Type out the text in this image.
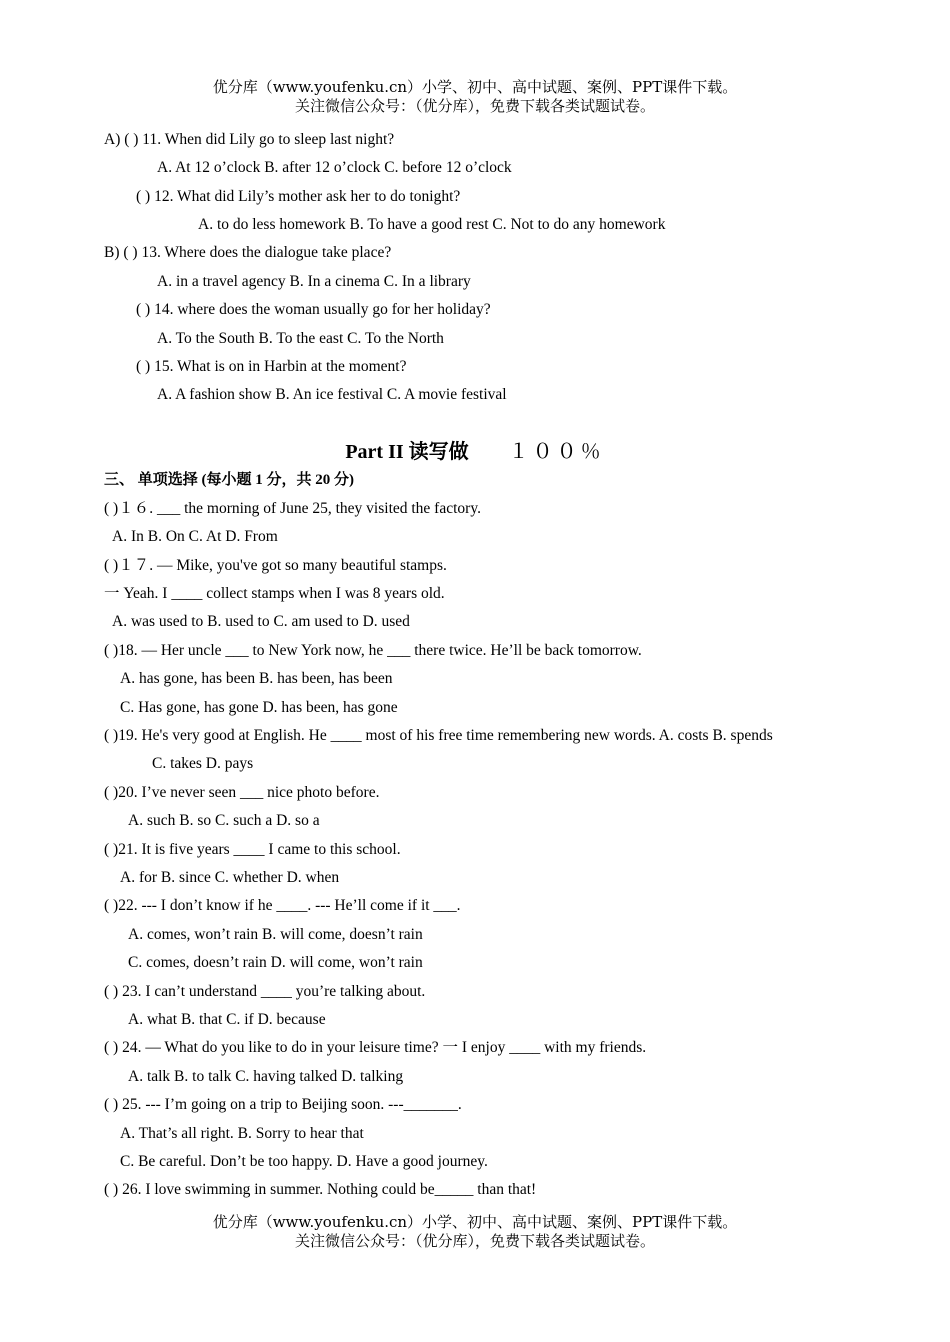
优分库（www.youfenku.cn）小学、初中、高中试题、案例、PPT课件下载。
关注微信公众号：（优分库），免费下载各类试题试卷。
A) ( ) 11. When did Lily go to sleep last night?
A. At 12 o’clock B. after 12 o’clock C. before 12 o’clock
( ) 12. What did Lily’s mother ask her to do tonight?
A. to do less homework B. To have a good rest C. Not to do any homework
B) ( ) 13. Where does the dialogue take place?
A. in a travel agency B. In a cinema C. In a library
( ) 14. where does the woman usually go for her holiday?
A. To the South B. To the east C. To the North
( ) 15. What is on in Harbin at the moment?
A. A fashion show B. An ice festival C. A movie festival
Part II 读写做 １００％
三、 单项选择 (每小题 1 分，共 20 分)
( )１６. ___ the morning of June 25, they visited the factory.
A. In B. On C. At D. From
( )１７. — Mike, you've got so many beautiful stamps.
一 Yeah. I ____ collect stamps when I was 8 years old.
A. was used to B. used to C. am used to D. used
( )18. — Her uncle ___ to New York now, he ___ there twice. He’ll be back tomorrow.
A. has gone, has been B. has been, has been
C. Has gone, has gone D. has been, has gone
( )19. He's very good at English. He ____ most of his free time remembering new words. A. costs B. spends
C. takes D. pays
( )20. I’ve never seen ___ nice photo before.
A. such B. so C. such a D. so a
( )21. It is five years ____ I came to this school.
A. for B. since C. whether D. when
( )22. --- I don’t know if he ____. --- He’ll come if it ___.
A. comes, won’t rain B. will come, doesn’t rain
C. comes, doesn’t rain D. will come, won’t rain
( ) 23. I can’t understand ____ you’re talking about.
A. what B. that C. if D. because
( ) 24. — What do you like to do in your leisure time? 一 I enjoy ____ with my friends.
A. talk B. to talk C. having talked D. talking
( ) 25. --- I’m going on a trip to Beijing soon. ---_______.
A. That’s all right. B. Sorry to hear that
C. Be careful. Don’t be too happy. D. Have a good journey.
( ) 26. I love swimming in summer. Nothing could be_____ than that!
优分库（www.youfenku.cn）小学、初中、高中试题、案例、PPT课件下载。
关注微信公众号：（优分库），免费下载各类试题试卷。
